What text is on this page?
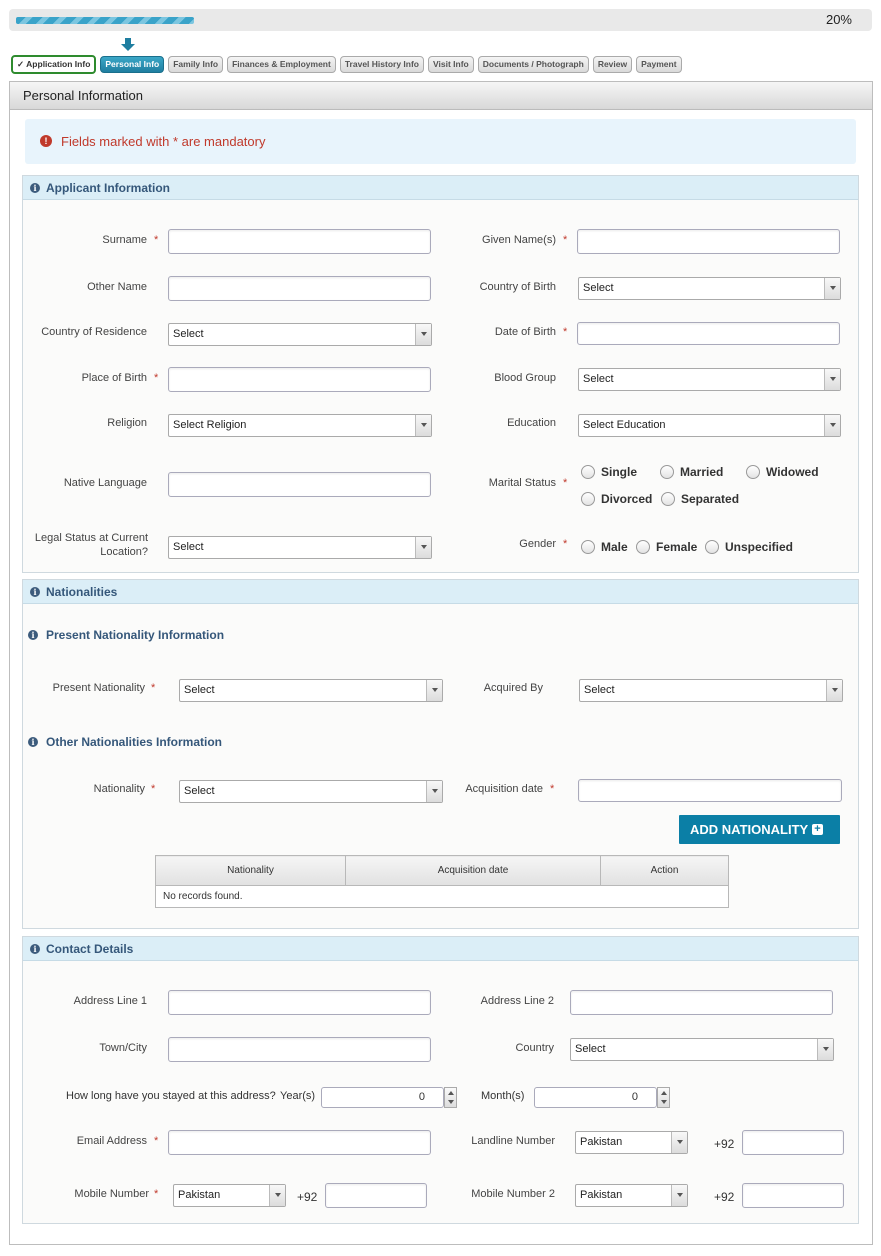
20%
✓ Application Info	Personal Info	Family Info	Finances & Employment	Travel History Info	Visit Info	Documents / Photograph	Review	Payment
Personal Information
!	Fields marked with * are mandatory
i Applicant Information
Surname *	Given Name(s) *
Other Name	Country of Birth	Select
Country of Residence	Select	Date of Birth *
Place of Birth *	Blood Group	Select
Religion	Select Religion	Education	Select Education
Native Language	Marital Status *
Single	Married	Widowed
Divorced	Separated
Legal Status at Current Location?	Select	Gender *	Male	Female	Unspecified
i Nationalities
i Present Nationality Information
Present Nationality *	Select	Acquired By	Select
i Other Nationalities Information
Nationality *	Select	Acquisition date *
ADD NATIONALITY +
Nationality	Acquisition date	Action
No records found.
i Contact Details
Address Line 1	Address Line 2
Town/City	Country	Select
How long have you stayed at this address? Year(s)	0	Month(s)	0
Email Address *	Landline Number	Pakistan	+92
Mobile Number *	Pakistan	+92	Mobile Number 2	Pakistan	+92
